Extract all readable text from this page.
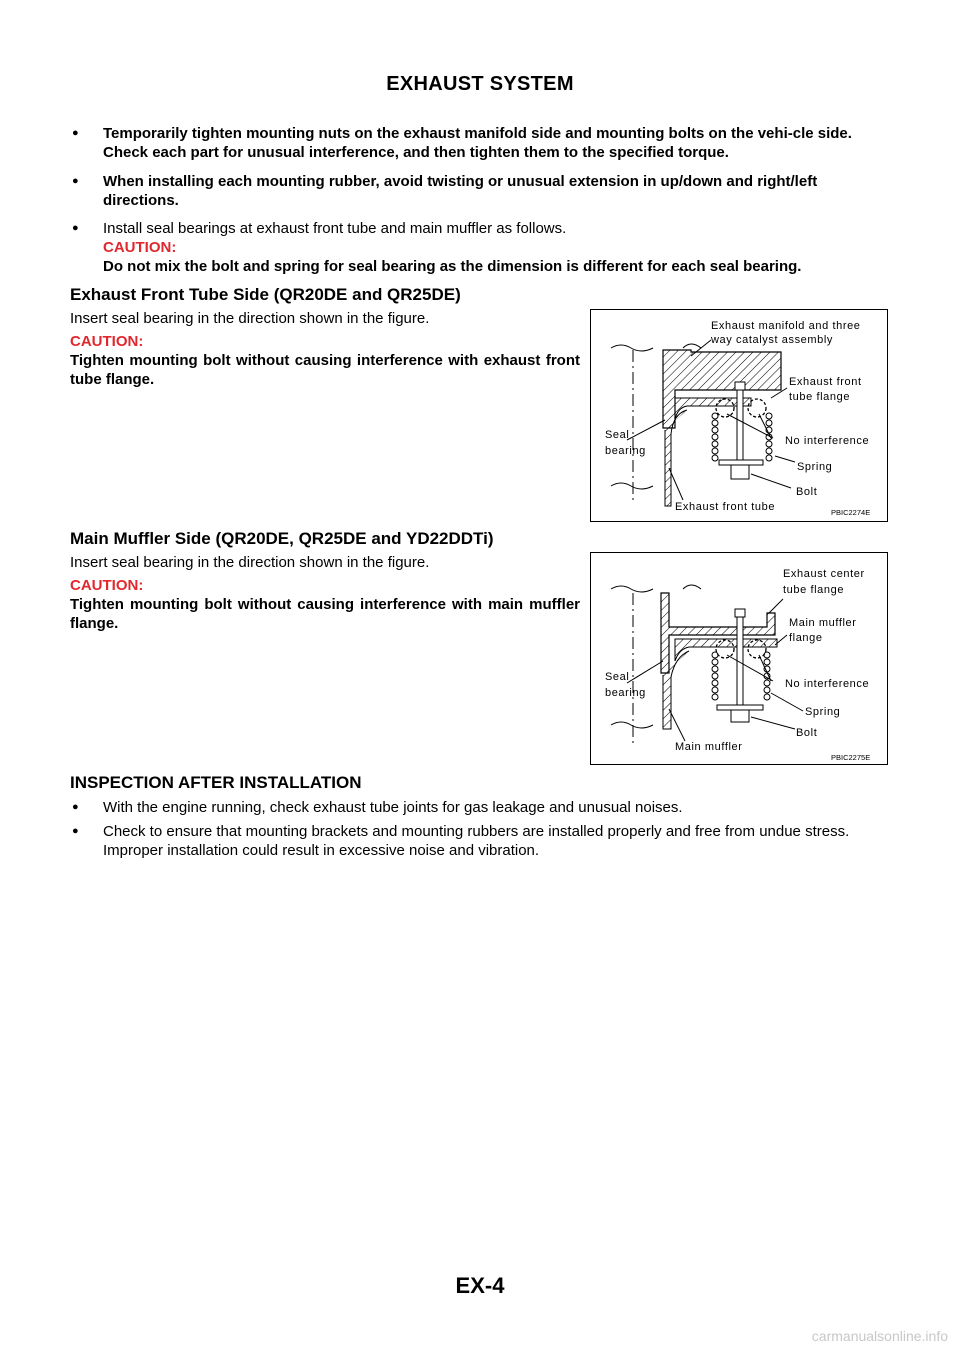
EXHAUST SYSTEM
● Temporarily tighten mounting nuts on the exhaust manifold side and mounting bolts on the vehi-cle side. Check each part for unusual interference, and then tighten them to the specified torque.
● When installing each mounting rubber, avoid twisting or unusual extension in up/down and right/left directions.
● Install seal bearings at exhaust front tube and main muffler as follows.
CAUTION:
Do not mix the bolt and spring for seal bearing as the dimension is different for each seal bearing.
Exhaust Front Tube Side (QR20DE and QR25DE)
Insert seal bearing in the direction shown in the figure.
CAUTION:

Tighten mounting bolt without causing interference with exhaust front tube flange.
Exhaust manifold and three
way catalyst assembly
Exhaust front
tube flange
Seal
bearing
No interference
Spring
Bolt
Exhaust front tube	PBIC2274E
Main Muffler Side (QR20DE, QR25DE and YD22DDTi)
Insert seal bearing in the direction shown in the figure.
CAUTION:

Tighten mounting bolt without causing interference with main muffler flange.
Exhaust center
tube flange
Main muffler
flange
Seal
bearing
No interference
Spring
Bolt
Main muffler
PBIC2275E
INSPECTION AFTER INSTALLATION
● With the engine running, check exhaust tube joints for gas leakage and unusual noises.
● Check to ensure that mounting brackets and mounting rubbers are installed properly and free from undue stress. Improper installation could result in excessive noise and vibration.
EX-4
carmanualsonline.info
